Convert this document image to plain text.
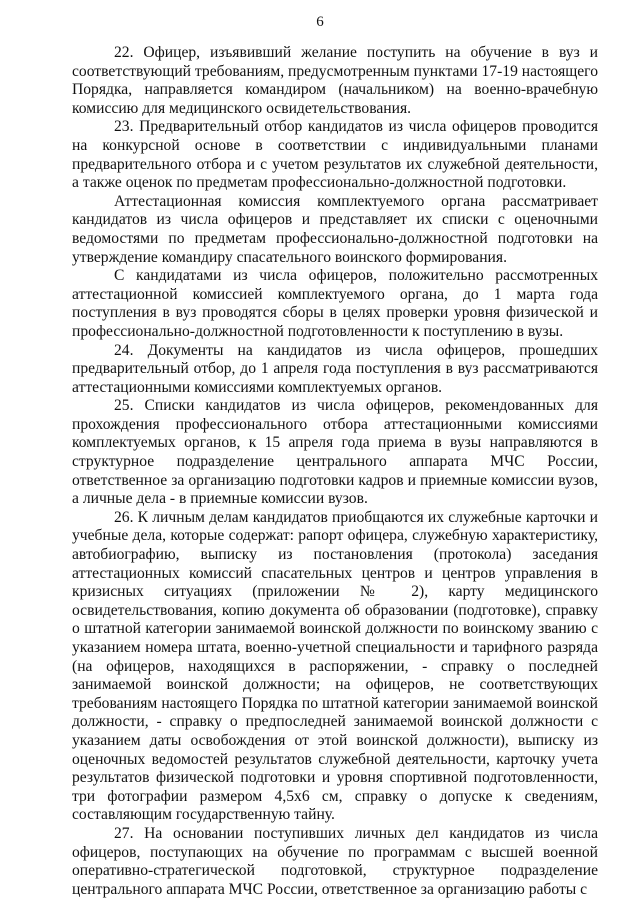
6

22. Офицер, изъявивший желание поступить на обучение в вуз и соответствующий требованиям, предусмотренным пунктами 17-19 настоящего Порядка, направляется командиром (начальником) на военно-врачебную комиссию для медицинского освидетельствования.

23. Предварительный отбор кандидатов из числа офицеров проводится на конкурсной основе в соответствии с индивидуальными планами предварительного отбора и с учетом результатов их служебной деятельности, а также оценок по предметам профессионально-должностной подготовки.

Аттестационная комиссия комплектуемого органа рассматривает кандидатов из числа офицеров и представляет их списки с оценочными ведомостями по предметам профессионально-должностной подготовки на утверждение командиру спасательного воинского формирования.

С кандидатами из числа офицеров, положительно рассмотренных аттестационной комиссией комплектуемого органа, до 1 марта года поступления в вуз проводятся сборы в целях проверки уровня физической и профессионально-должностной подготовленности к поступлению в вузы.

24. Документы на кандидатов из числа офицеров, прошедших предварительный отбор, до 1 апреля года поступления в вуз рассматриваются аттестационными комиссиями комплектуемых органов.

25. Списки кандидатов из числа офицеров, рекомендованных для прохождения профессионального отбора аттестационными комиссиями комплектуемых органов, к 15 апреля года приема в вузы направляются в структурное подразделение центрального аппарата МЧС России, ответственное за организацию подготовки кадров и приемные комиссии вузов, а личные дела - в приемные комиссии вузов.

26. К личным делам кандидатов приобщаются их служебные карточки и учебные дела, которые содержат: рапорт офицера, служебную характеристику, автобиографию, выписку из постановления (протокола) заседания аттестационных комиссий спасательных центров и центров управления в кризисных ситуациях (приложении № 2), карту медицинского освидетельствования, копию документа об образовании (подготовке), справку о штатной категории занимаемой воинской должности по воинскому званию с указанием номера штата, военно-учетной специальности и тарифного разряда (на офицеров, находящихся в распоряжении, - справку о последней занимаемой воинской должности; на офицеров, не соответствующих требованиям настоящего Порядка по штатной категории занимаемой воинской должности, - справку о предпоследней занимаемой воинской должности с указанием даты освобождения от этой воинской должности), выписку из оценочных ведомостей результатов служебной деятельности, карточку учета результатов физической подготовки и уровня спортивной подготовленности, три фотографии размером 4,5х6 см, справку о допуске к сведениям, составляющим государственную тайну.

27. На основании поступивших личных дел кандидатов из числа офицеров, поступающих на обучение по программам с высшей военной оперативно-стратегической подготовкой, структурное подразделение центрального аппарата МЧС России, ответственное за организацию работы с
